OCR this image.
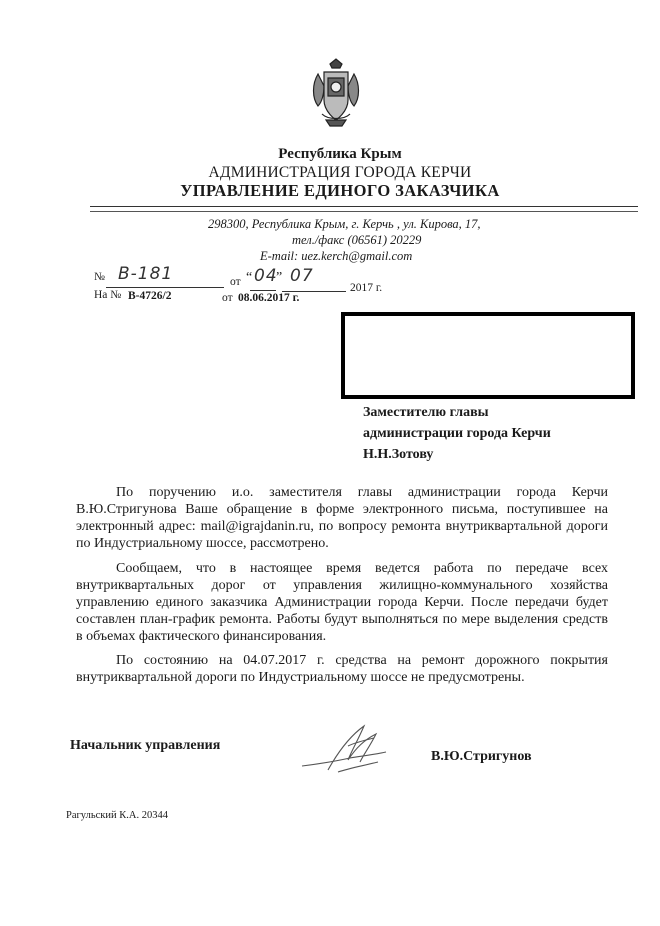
Республика Крым
АДМИНИСТРАЦИЯ ГОРОДА КЕРЧИ
УПРАВЛЕНИЕ ЕДИНОГО ЗАКАЗЧИКА
298300, Республика Крым, г. Керчь , ул. Кирова, 17,
тел./факс (06561) 20229
E-mail: uez.kerch@gmail.com
№ В-181	от “ 04
” 07
2017 г.
На № В-4726/2	от 08.06.2017 г.
Заместителю главы
администрации города Керчи
Н.Н.Зотову

По поручению и.о. заместителя главы администрации города Керчи В.Ю.Стригунова Ваше обращение в форме электронного письма, поступившее на электронный адрес: mail@igrajdanin.ru, по вопросу ремонта внутриквартальной дороги по Индустриальному шоссе, рассмотрено.

Сообщаем, что в настоящее время ведется работа по передаче всех внутриквартальных дорог от управления жилищно-коммунального хозяйства управлению единого заказчика Администрации города Керчи. После передачи будет составлен план-график ремонта. Работы будут выполняться по мере выделения средств в объемах фактического финансирования.

По состоянию на 04.07.2017 г. средства на ремонт дорожного покрытия внутриквартальной дороги по Индустриальному шоссе не предусмотрены.

Начальник управления
В.Ю.Стригунов
Рагульский К.А. 20344
